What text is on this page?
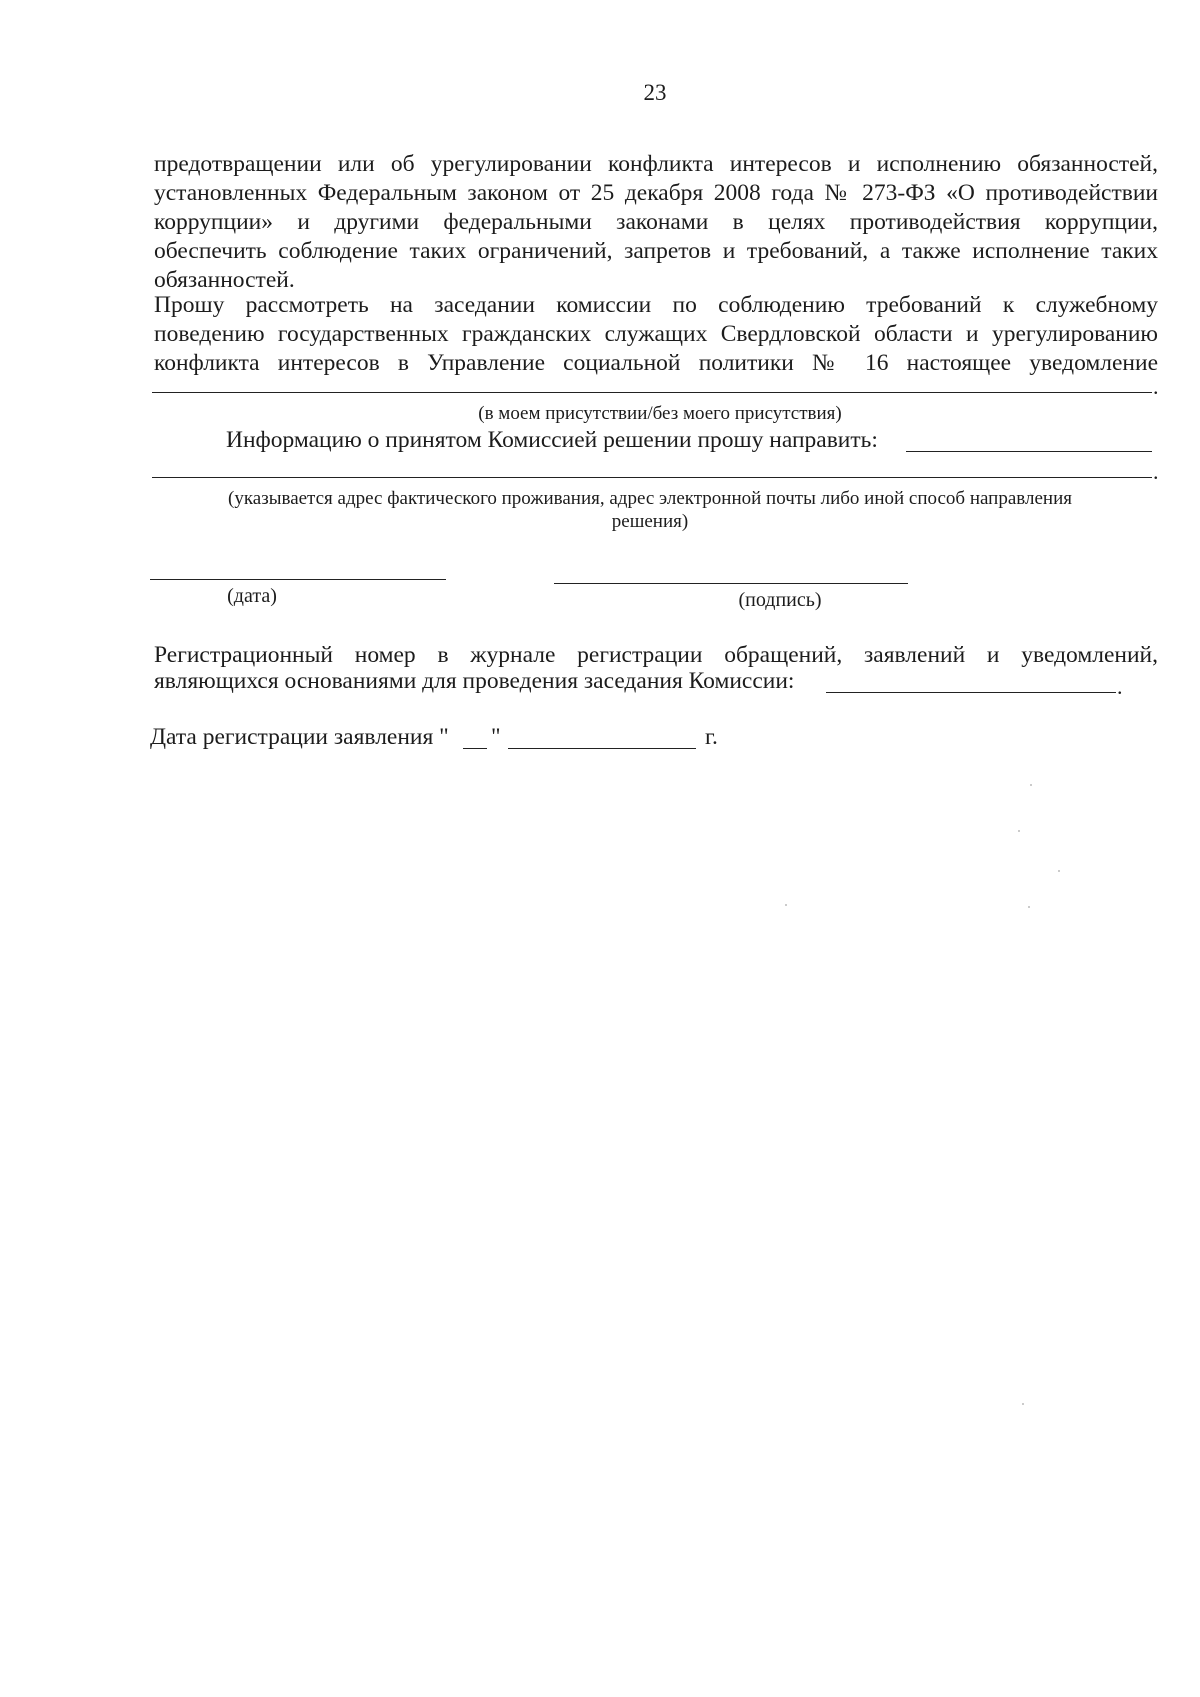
23
предотвращении или об урегулировании конфликта интересов и исполнению обязанностей,
установленных Федеральным законом от 25 декабря 2008 года № 273-ФЗ «О противодействии
коррупции» и другими федеральными законами в целях противодействия коррупции,
обеспечить соблюдение таких ограничений, запретов и требований, а также исполнение таких
обязанностей.
Прошу рассмотреть на заседании комиссии по соблюдению требований к служебному
поведению государственных гражданских служащих Свердловской области и урегулированию
конфликта интересов в Управление социальной политики № 16 настоящее уведомление
.
(в моем присутствии/без моего присутствия)
Информацию о принятом Комиссией решении прошу направить:
.
(указывается адрес фактического проживания, адрес электронной почты либо иной способ направления
решения)
(дата)	(подпись)
Регистрационный номер в журнале регистрации обращений, заявлений и уведомлений,
являющихся основаниями для проведения заседания Комиссии:	.
Дата регистрации заявления " "	г.
